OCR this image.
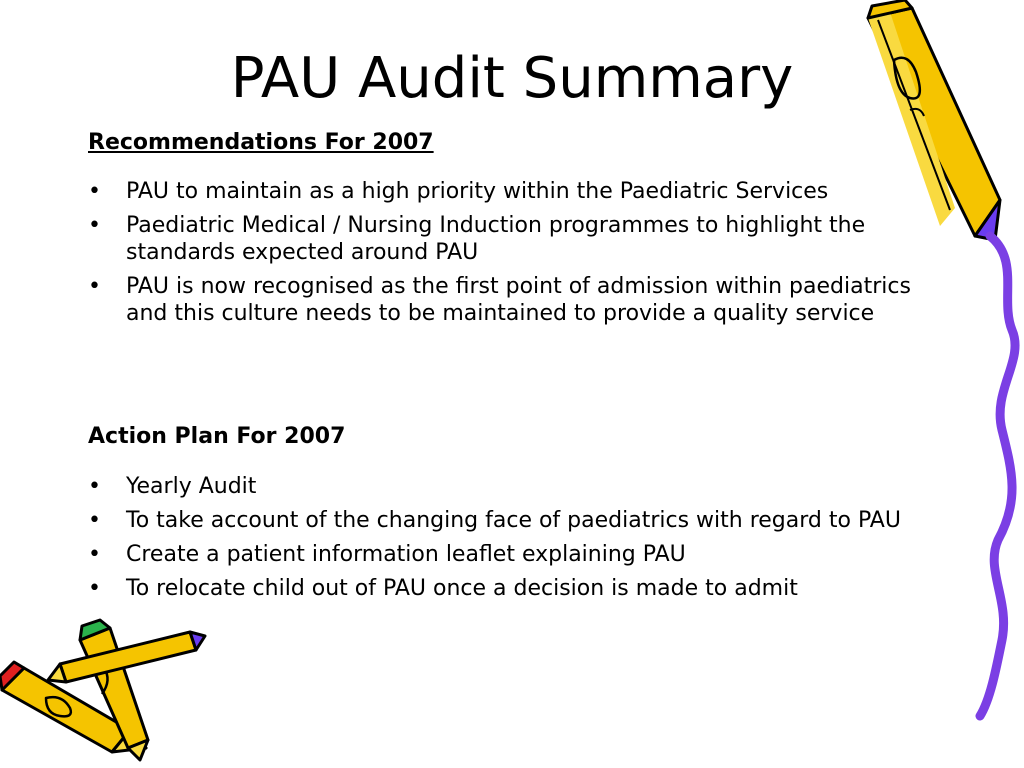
PAU Audit Summary

Recommendations For 2007

• PAU to maintain as a high priority within the Paediatric Services
• Paediatric Medical / Nursing Induction programmes to highlight the standards expected around PAU
• PAU is now recognised as the first point of admission within paediatrics and this culture needs to be maintained to provide a quality service

Action Plan For 2007

• Yearly Audit
• To take account of the changing face of paediatrics with regard to PAU
• Create a patient information leaflet explaining PAU
• To relocate child out of PAU once a decision is made to admit
